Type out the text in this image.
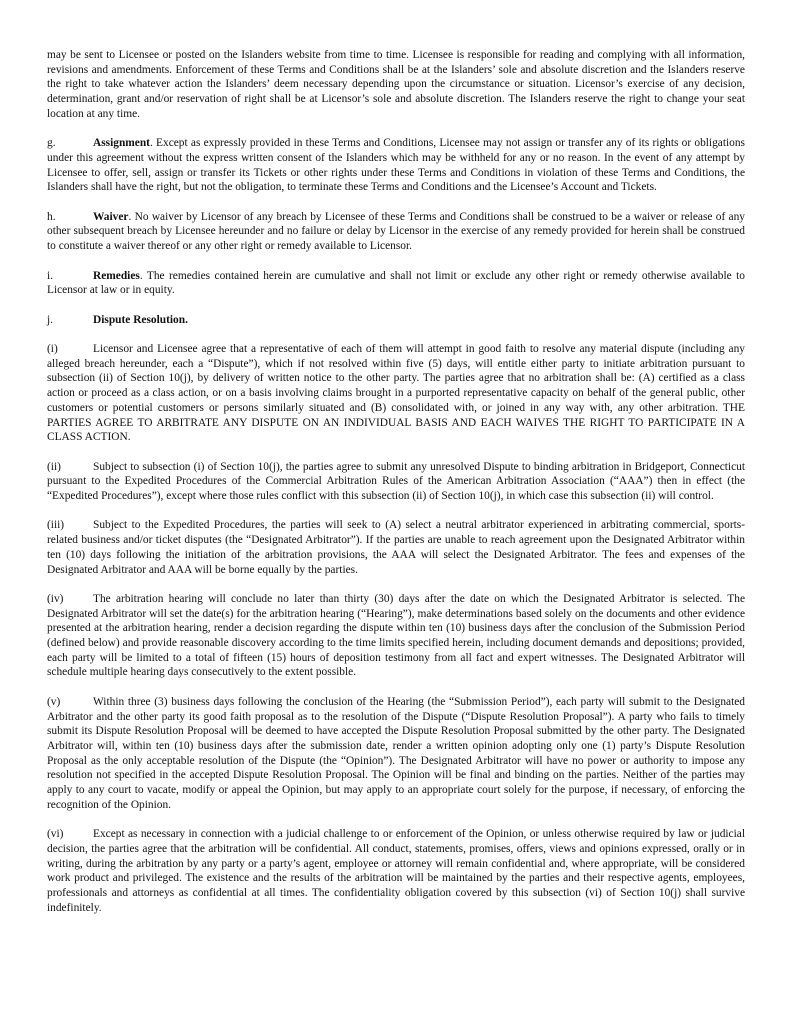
may be sent to Licensee or posted on the Islanders website from time to time. Licensee is responsible for reading and complying with all information, revisions and amendments. Enforcement of these Terms and Conditions shall be at the Islanders’ sole and absolute discretion and the Islanders reserve the right to take whatever action the Islanders’ deem necessary depending upon the circumstance or situation. Licensor’s exercise of any decision, determination, grant and/or reservation of right shall be at Licensor’s sole and absolute discretion. The Islanders reserve the right to change your seat location at any time.

g.	Assignment. Except as expressly provided in these Terms and Conditions, Licensee may not assign or transfer any of its rights or obligations under this agreement without the express written consent of the Islanders which may be withheld for any or no reason. In the event of any attempt by Licensee to offer, sell, assign or transfer its Tickets or other rights under these Terms and Conditions in violation of these Terms and Conditions, the Islanders shall have the right, but not the obligation, to terminate these Terms and Conditions and the Licensee’s Account and Tickets.

h.	Waiver. No waiver by Licensor of any breach by Licensee of these Terms and Conditions shall be construed to be a waiver or release of any other subsequent breach by Licensee hereunder and no failure or delay by Licensor in the exercise of any remedy provided for herein shall be construed to constitute a waiver thereof or any other right or remedy available to Licensor.

i.	Remedies. The remedies contained herein are cumulative and shall not limit or exclude any other right or remedy otherwise available to Licensor at law or in equity.

j.	Dispute Resolution.

(i)	Licensor and Licensee agree that a representative of each of them will attempt in good faith to resolve any material dispute (including any alleged breach hereunder, each a “Dispute”), which if not resolved within five (5) days, will entitle either party to initiate arbitration pursuant to subsection (ii) of Section 10(j), by delivery of written notice to the other party. The parties agree that no arbitration shall be: (A) certified as a class action or proceed as a class action, or on a basis involving claims brought in a purported representative capacity on behalf of the general public, other customers or potential customers or persons similarly situated and (B) consolidated with, or joined in any way with, any other arbitration. THE PARTIES AGREE TO ARBITRATE ANY DISPUTE ON AN INDIVIDUAL BASIS AND EACH WAIVES THE RIGHT TO PARTICIPATE IN A CLASS ACTION.

(ii)	Subject to subsection (i) of Section 10(j), the parties agree to submit any unresolved Dispute to binding arbitration in Bridgeport, Connecticut pursuant to the Expedited Procedures of the Commercial Arbitration Rules of the American Arbitration Association (“AAA”) then in effect (the “Expedited Procedures”), except where those rules conflict with this subsection (ii) of Section 10(j), in which case this subsection (ii) will control.

(iii)	Subject to the Expedited Procedures, the parties will seek to (A) select a neutral arbitrator experienced in arbitrating commercial, sports-related business and/or ticket disputes (the “Designated Arbitrator”). If the parties are unable to reach agreement upon the Designated Arbitrator within ten (10) days following the initiation of the arbitration provisions, the AAA will select the Designated Arbitrator. The fees and expenses of the Designated Arbitrator and AAA will be borne equally by the parties.

(iv)	The arbitration hearing will conclude no later than thirty (30) days after the date on which the Designated Arbitrator is selected. The Designated Arbitrator will set the date(s) for the arbitration hearing (“Hearing”), make determinations based solely on the documents and other evidence presented at the arbitration hearing, render a decision regarding the dispute within ten (10) business days after the conclusion of the Submission Period (defined below) and provide reasonable discovery according to the time limits specified herein, including document demands and depositions; provided, each party will be limited to a total of fifteen (15) hours of deposition testimony from all fact and expert witnesses. The Designated Arbitrator will schedule multiple hearing days consecutively to the extent possible.

(v)	Within three (3) business days following the conclusion of the Hearing (the “Submission Period”), each party will submit to the Designated Arbitrator and the other party its good faith proposal as to the resolution of the Dispute (“Dispute Resolution Proposal”). A party who fails to timely submit its Dispute Resolution Proposal will be deemed to have accepted the Dispute Resolution Proposal submitted by the other party. The Designated Arbitrator will, within ten (10) business days after the submission date, render a written opinion adopting only one (1) party’s Dispute Resolution Proposal as the only acceptable resolution of the Dispute (the “Opinion”). The Designated Arbitrator will have no power or authority to impose any resolution not specified in the accepted Dispute Resolution Proposal. The Opinion will be final and binding on the parties. Neither of the parties may apply to any court to vacate, modify or appeal the Opinion, but may apply to an appropriate court solely for the purpose, if necessary, of enforcing the recognition of the Opinion.

(vi)	Except as necessary in connection with a judicial challenge to or enforcement of the Opinion, or unless otherwise required by law or judicial decision, the parties agree that the arbitration will be confidential. All conduct, statements, promises, offers, views and opinions expressed, orally or in writing, during the arbitration by any party or a party’s agent, employee or attorney will remain confidential and, where appropriate, will be considered work product and privileged. The existence and the results of the arbitration will be maintained by the parties and their respective agents, employees, professionals and attorneys as confidential at all times. The confidentiality obligation covered by this subsection (vi) of Section 10(j) shall survive indefinitely.
